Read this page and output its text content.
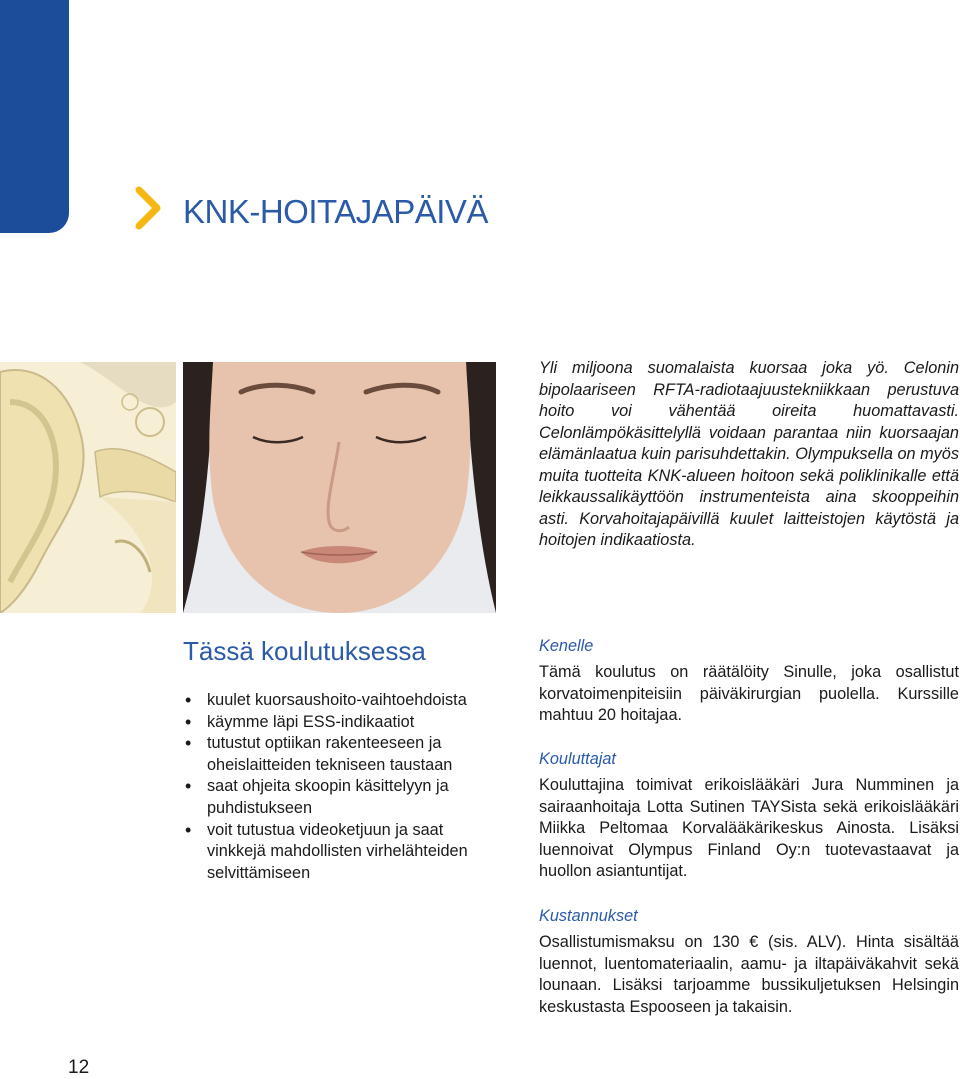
KNK-HOITAJAPÄIVÄ

Yli miljoona suomalaista kuorsaa joka yö. Celonin bipolaariseen RFTA-radiotaajuustekniikkaan perustuva hoito voi vähentää oireita huomattavasti. Celonlämpökäsittelyllä voidaan parantaa niin kuorsaajan elämänlaatua kuin parisuhdettakin. Olympuksella on myös muita tuotteita KNK-alueen hoitoon sekä poliklinikalle että leikkaussalikäyttöön instrumenteista aina skooppeihin asti. Korvahoitajapäivillä kuulet laitteistojen käytöstä ja hoitojen indikaatiosta.

Tässä koulutuksessa
• kuulet kuorsaushoito-vaihtoehdoista
• käymme läpi ESS-indikaatiot
• tutustut optiikan rakenteeseen ja oheislaitteiden tekniseen taustaan
• saat ohjeita skoopin käsittelyyn ja puhdistukseen
• voit tutustua videoketjuun ja saat vinkkejä mahdollisten virhelähteiden selvittämiseen
Kenelle

Tämä koulutus on räätälöity Sinulle, joka osallistut korvatoimenpiteisiin päiväkirurgian puolella. Kurssille mahtuu 20 hoitajaa.

Kouluttajat

Kouluttajina toimivat erikoislääkäri Jura Numminen ja sairaanhoitaja Lotta Sutinen TAYSista sekä erikoislääkäri Miikka Peltomaa Korvalääkärikeskus Ainosta. Lisäksi luennoivat Olympus Finland Oy:n tuotevastaavat ja huollon asiantuntijat.

Kustannukset

Osallistumismaksu on 130 € (sis. ALV). Hinta sisältää luennot, luentomateriaalin, aamu- ja iltapäiväkahvit sekä lounaan. Lisäksi tarjoamme bussikuljetuksen Helsingin keskustasta Espooseen ja takaisin.

12
